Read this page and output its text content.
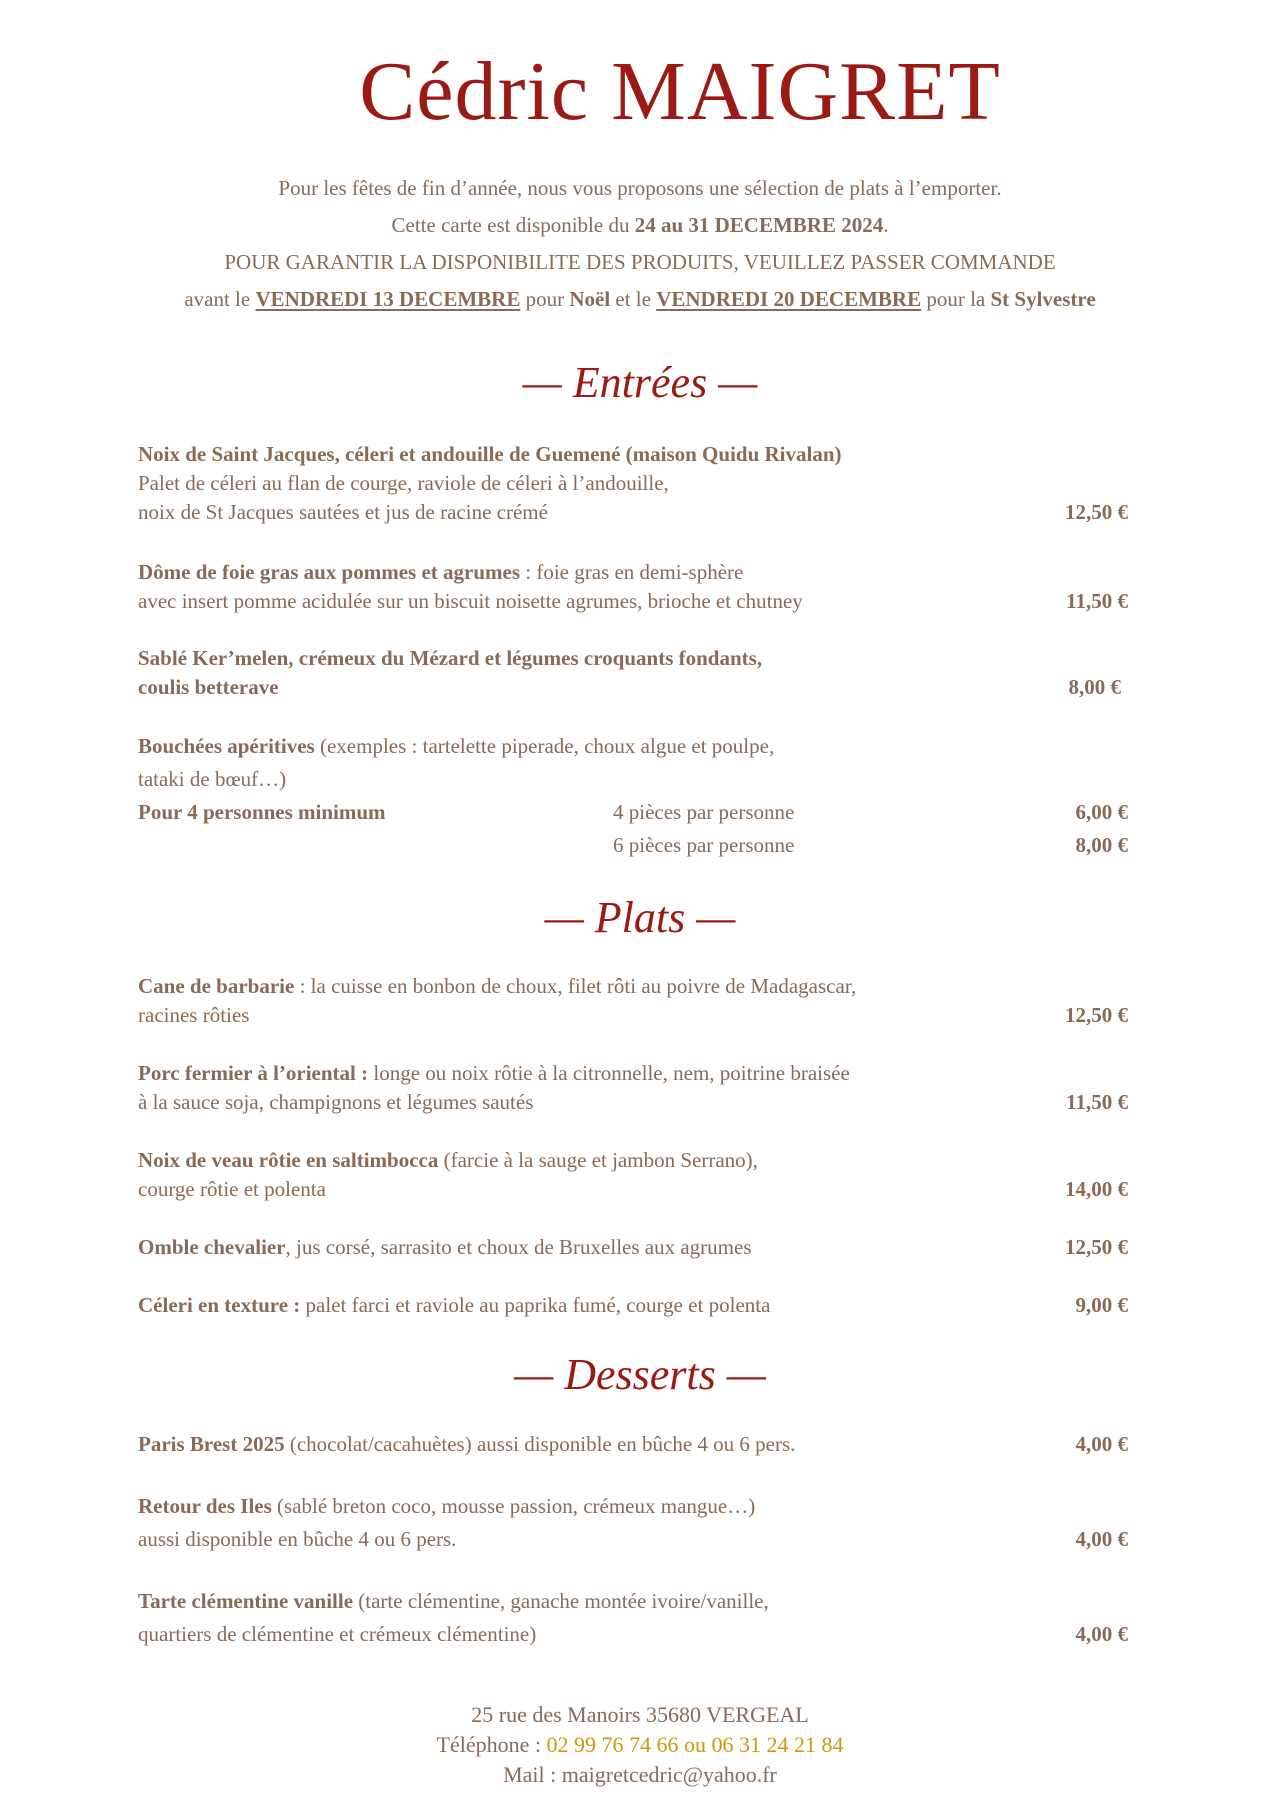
Cédric MAIGRET
Pour les fêtes de fin d’année, nous vous proposons une sélection de plats à l’emporter.
Cette carte est disponible du 24 au 31 DECEMBRE 2024.
POUR GARANTIR LA DISPONIBILITE DES PRODUITS, VEUILLEZ PASSER COMMANDE
avant le VENDREDI 13 DECEMBRE pour Noël et le VENDREDI 20 DECEMBRE pour la St Sylvestre
— Entrées —
Noix de Saint Jacques, céleri et andouille de Guemené (maison Quidu Rivalan)
Palet de céleri au flan de courge, raviole de céleri à l’andouille,
noix de St Jacques sautées et jus de racine crémé	12,50 €
Dôme de foie gras aux pommes et agrumes : foie gras en demi-sphère
avec insert pomme acidulée sur un biscuit noisette agrumes, brioche et chutney	11,50 €
Sablé Ker’melen, crémeux du Mézard et légumes croquants fondants,
coulis betterave	8,00 €
Bouchées apéritives (exemples : tartelette piperade, choux algue et poulpe,
tataki de bœuf…)
Pour 4 personnes minimum	4 pièces par personne	6,00 €

6 pièces par personne	8,00 €
— Plats —
Cane de barbarie : la cuisse en bonbon de choux, filet rôti au poivre de Madagascar,
racines rôties	12,50 €
Porc fermier à l’oriental : longe ou noix rôtie à la citronnelle, nem, poitrine braisée
à la sauce soja, champignons et légumes sautés	11,50 €
Noix de veau rôtie en saltimbocca (farcie à la sauge et jambon Serrano),
courge rôtie et polenta	14,00 €
Omble chevalier, jus corsé, sarrasito et choux de Bruxelles aux agrumes	12,50 €
Céleri en texture : palet farci et raviole au paprika fumé, courge et polenta	9,00 €
— Desserts —
Paris Brest 2025 (chocolat/cacahuètes) aussi disponible en bûche 4 ou 6 pers.	4,00 €
Retour des Iles (sablé breton coco, mousse passion, crémeux mangue…)
aussi disponible en bûche 4 ou 6 pers.	4,00 €
Tarte clémentine vanille (tarte clémentine, ganache montée ivoire/vanille,
quartiers de clémentine et crémeux clémentine)	4,00 €
25 rue des Manoirs 35680 VERGEAL
Téléphone : 02 99 76 74 66 ou 06 31 24 21 84
Mail : maigretcedric@yahoo.fr
